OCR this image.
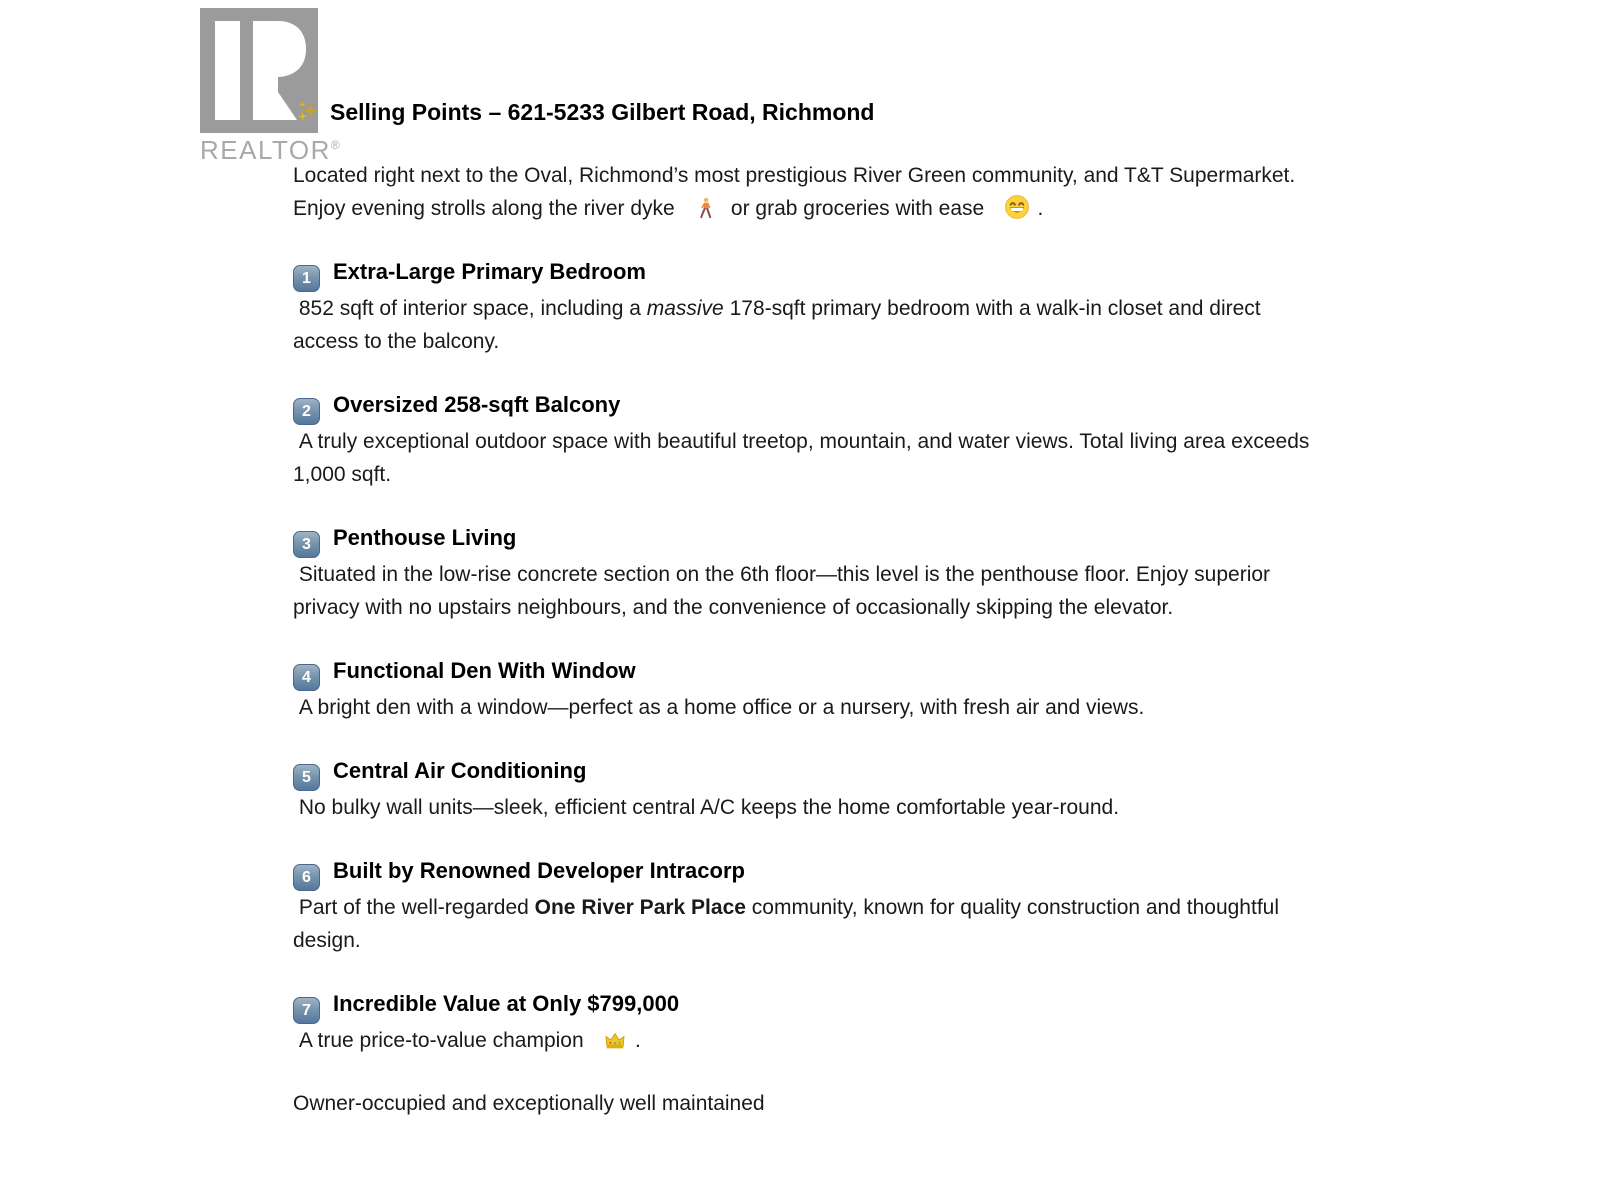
REALTOR®
Selling Points – 621-5233 Gilbert Road, Richmond

Located right next to the Oval, Richmond’s most prestigious River Green community, and T&T Supermarket. Enjoy evening strolls along the river dyke

or grab groceries with ease

.

1 Extra-Large Primary Bedroom

852 sqft of interior space, including a massive 178-sqft primary bedroom with a walk-in closet and direct access to the balcony.

2 Oversized 258-sqft Balcony

A truly exceptional outdoor space with beautiful treetop, mountain, and water views. Total living area exceeds 1,000 sqft.

3 Penthouse Living

Situated in the low-rise concrete section on the 6th floor—this level is the penthouse floor. Enjoy superior privacy with no upstairs neighbours, and the convenience of occasionally skipping the elevator.

4 Functional Den With Window

A bright den with a window—perfect as a home office or a nursery, with fresh air and views.

5 Central Air Conditioning

No bulky wall units—sleek, efficient central A/C keeps the home comfortable year-round.

6 Built by Renowned Developer Intracorp

Part of the well-regarded One River Park Place community, known for quality construction and thoughtful design.

7 Incredible Value at Only $799,000

A true price-to-value champion

.

Owner-occupied and exceptionally well maintained
